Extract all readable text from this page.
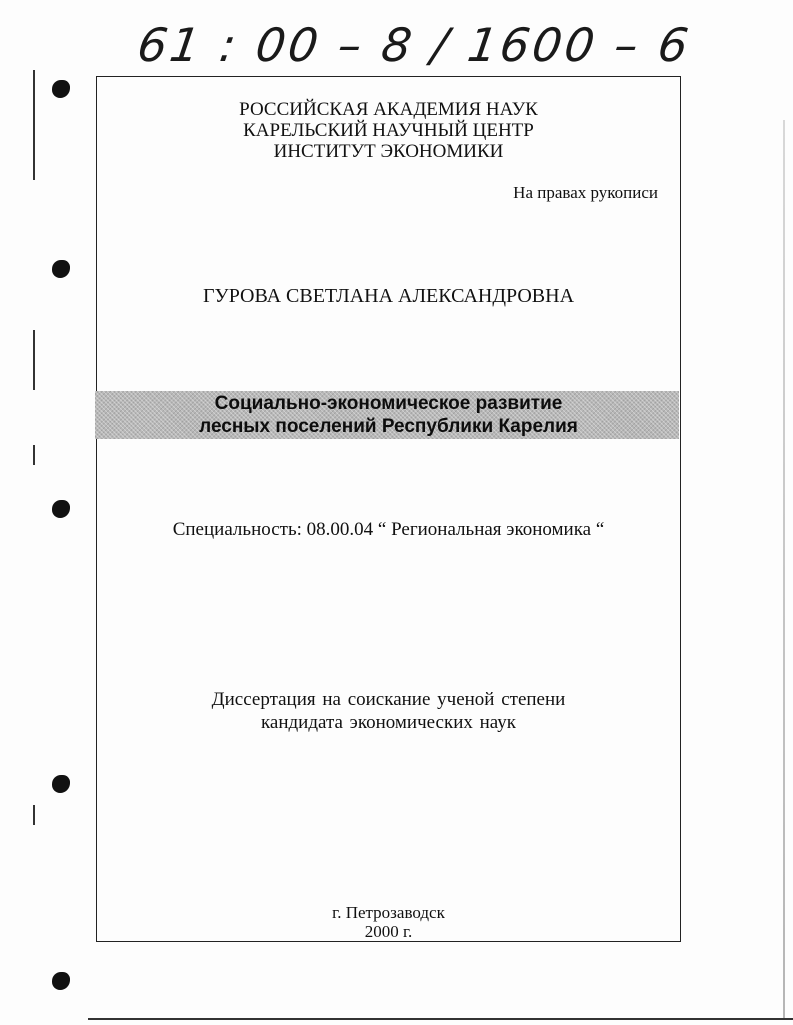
61 : 00 – 8 / 1600 – 6
РОССИЙСКАЯ АКАДЕМИЯ НАУК
КАРЕЛЬСКИЙ НАУЧНЫЙ ЦЕНТР
ИНСТИТУТ ЭКОНОМИКИ
На правах рукописи
ГУРОВА СВЕТЛАНА АЛЕКСАНДРОВНА
Социально-экономическое развитие
лесных поселений Республики Карелия
Специальность: 08.00.04 “ Региональная экономика “
Диссертация на соискание ученой степени
кандидата экономических наук
г. Петрозаводск
2000 г.
